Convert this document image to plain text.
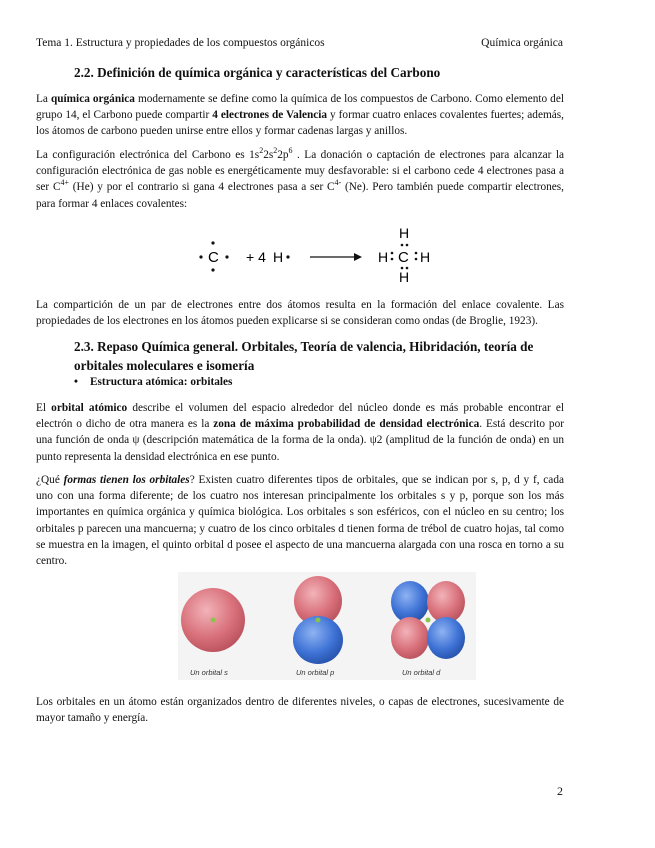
Tema 1. Estructura y propiedades de los compuestos orgánicos	Química orgánica
2.2. Definición de química orgánica y características del Carbono

La química orgánica modernamente se define como la química de los compuestos de Carbono. Como elemento del grupo 14, el Carbono puede compartir 4 electrones de Valencia y formar cuatro enlaces covalentes fuertes; además, los átomos de carbono pueden unirse entre ellos y formar cadenas largas y anillos.

La configuración electrónica del Carbono es $1s^22s^22p^6$ . La donación o captación de electrones para alcanzar la configuración electrónica de gas noble es energéticamente muy desfavorable: si el carbono cede 4 electrones pasa a ser $C^{4+}$ (He) y por el contrario si gana 4 electrones pasa a ser $C^{4-}$ (Ne). Pero también puede compartir electrones, para formar 4 enlaces covalentes:

C + 4 H
H
H
H H
C

La compartición de un par de electrones entre dos átomos resulta en la formación del enlace covalente. Las propiedades de los electrones en los átomos pueden explicarse si se consideran como ondas (de Broglie, 1923).

2.3. Repaso Química general. Orbitales, Teoría de valencia, Hibridación, teoría de
orbitales moleculares e isomería
• Estructura atómica: orbitales

El orbital atómico describe el volumen del espacio alrededor del núcleo donde es más probable encontrar el electrón o dicho de otra manera es la zona de máxima probabilidad de densidad electrónica. Está descrito por una función de onda ψ (descripción matemática de la forma de la onda). ψ2 (amplitud de la función de onda) en un punto representa la densidad electrónica en ese punto.

¿Qué formas tienen los orbitales? Existen cuatro diferentes tipos de orbitales, que se indican por s, p, d y f, cada uno con una forma diferente; de los cuatro nos interesan principalmente los orbitales s y p, porque son los más importantes en química orgánica y química biológica. Los orbitales s son esféricos, con el núcleo en su centro; los orbitales p parecen una mancuerna; y cuatro de los cinco orbitales d tienen forma de trébol de cuatro hojas, tal como se muestra en la imagen, el quinto orbital d posee el aspecto de una mancuerna alargada con una rosca en torno a su centro.

Un orbital s	Un orbital p	Un orbital d

Los orbitales en un átomo están organizados dentro de diferentes niveles, o capas de electrones, sucesivamente de mayor tamaño y energía.

2
